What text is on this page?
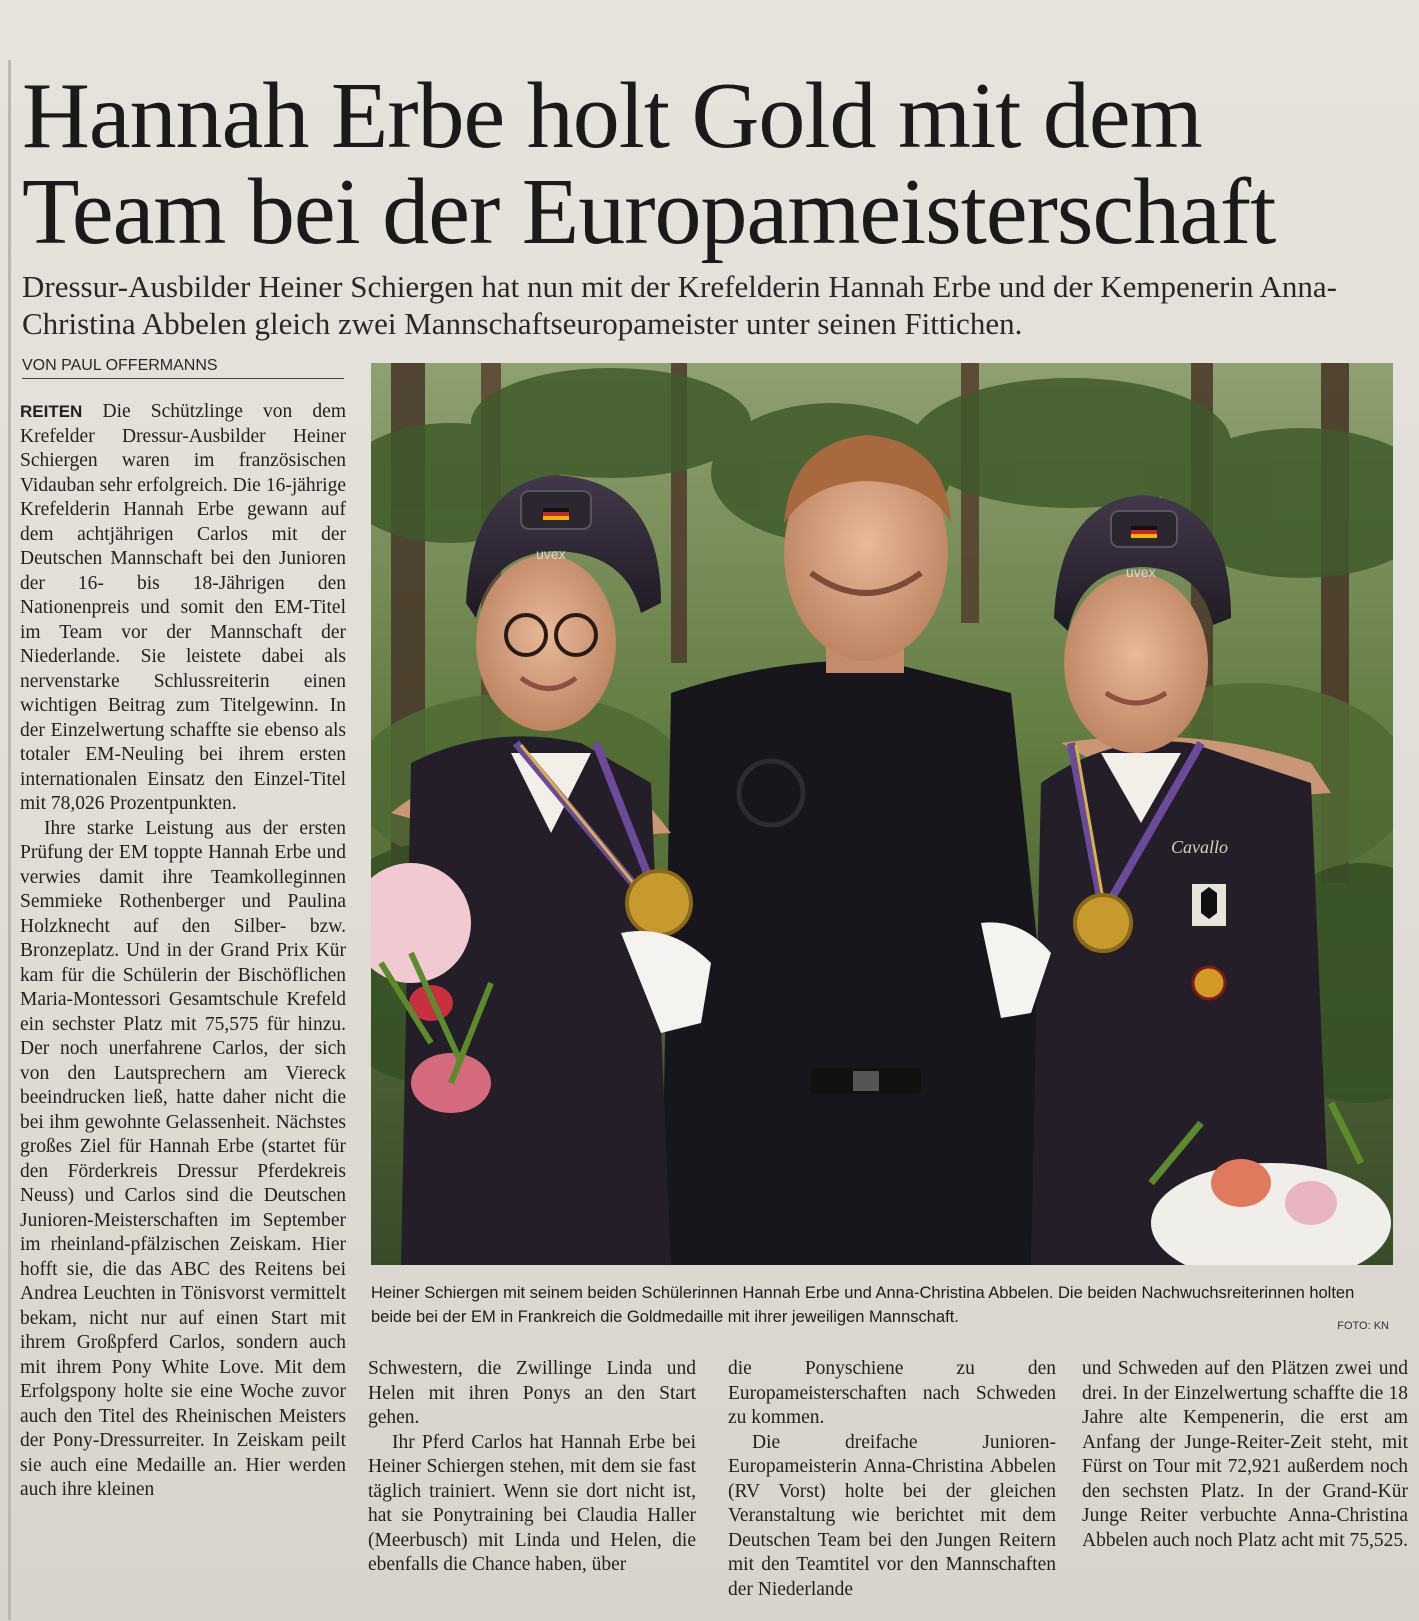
Hannah Erbe holt Gold mit dem Team bei der Europameisterschaft

Dressur-Ausbilder Heiner Schiergen hat nun mit der Krefelderin Hannah Erbe und der Kempenerin Anna-Christina Abbelen gleich zwei Mannschaftseuropameister unter seinen Fittichen.

VON PAUL OFFERMANNS

REITEN Die Schützlinge von dem Krefelder Dressur-Ausbilder Heiner Schiergen waren im französischen Vidauban sehr erfolgreich. Die 16-jährige Krefelderin Hannah Erbe gewann auf dem achtjährigen Carlos mit der Deutschen Mannschaft bei den Junioren der 16- bis 18-Jährigen den Nationenpreis und somit den EM-Titel im Team vor der Mannschaft der Niederlande. Sie leistete dabei als nervenstarke Schlussreiterin einen wichtigen Beitrag zum Titelgewinn. In der Einzelwertung schaffte sie ebenso als totaler EM-Neuling bei ihrem ersten internationalen Einsatz den Einzel-Titel mit 78,026 Prozentpunkten.

Ihre starke Leistung aus der ersten Prüfung der EM toppte Hannah Erbe und verwies damit ihre Teamkolleginnen Semmieke Rothenberger und Paulina Holzknecht auf den Silber- bzw. Bronzeplatz. Und in der Grand Prix Kür kam für die Schülerin der Bischöflichen Maria-Montessori Gesamtschule Krefeld ein sechster Platz mit 75,575 für hinzu. Der noch unerfahrene Carlos, der sich von den Lautsprechern am Viereck beeindrucken ließ, hatte daher nicht die bei ihm gewohnte Gelassenheit. Nächstes großes Ziel für Hannah Erbe (startet für den Förderkreis Dressur Pferdekreis Neuss) und Carlos sind die Deutschen Junioren-Meisterschaften im September im rheinland-pfälzischen Zeiskam. Hier hofft sie, die das ABC des Reitens bei Andrea Leuchten in Tönisvorst vermittelt bekam, nicht nur auf einen Start mit ihrem Großpferd Carlos, sondern auch mit ihrem Pony White Love. Mit dem Erfolgspony holte sie eine Woche zuvor auch den Titel des Rheinischen Meisters der Pony-Dressurreiter. In Zeiskam peilt sie auch eine Medaille an. Hier werden auch ihre kleinen

uvex
uvex
Cavallo

Heiner Schiergen mit seinem beiden Schülerinnen Hannah Erbe und Anna-Christina Abbelen. Die beiden Nachwuchsreiterinnen holten beide bei der EM in Frankreich die Goldmedaille mit ihrer jeweiligen Mannschaft.	FOTO: KN

Schwestern, die Zwillinge Linda und Helen mit ihren Ponys an den Start gehen.

Ihr Pferd Carlos hat Hannah Erbe bei Heiner Schiergen stehen, mit dem sie fast täglich trainiert. Wenn sie dort nicht ist, hat sie Ponytraining bei Claudia Haller (Meerbusch) mit Linda und Helen, die ebenfalls die Chance haben, über

die Ponyschiene zu den Europameisterschaften nach Schweden zu kommen.

Die dreifache Junioren-Europameisterin Anna-Christina Abbelen (RV Vorst) holte bei der gleichen Veranstaltung wie berichtet mit dem Deutschen Team bei den Jungen Reitern mit den Teamtitel vor den Mannschaften der Niederlande

und Schweden auf den Plätzen zwei und drei. In der Einzelwertung schaffte die 18 Jahre alte Kempenerin, die erst am Anfang der Junge-Reiter-Zeit steht, mit Fürst on Tour mit 72,921 außerdem noch den sechsten Platz. In der Grand-Kür Junge Reiter verbuchte Anna-Christina Abbelen auch noch Platz acht mit 75,525.
